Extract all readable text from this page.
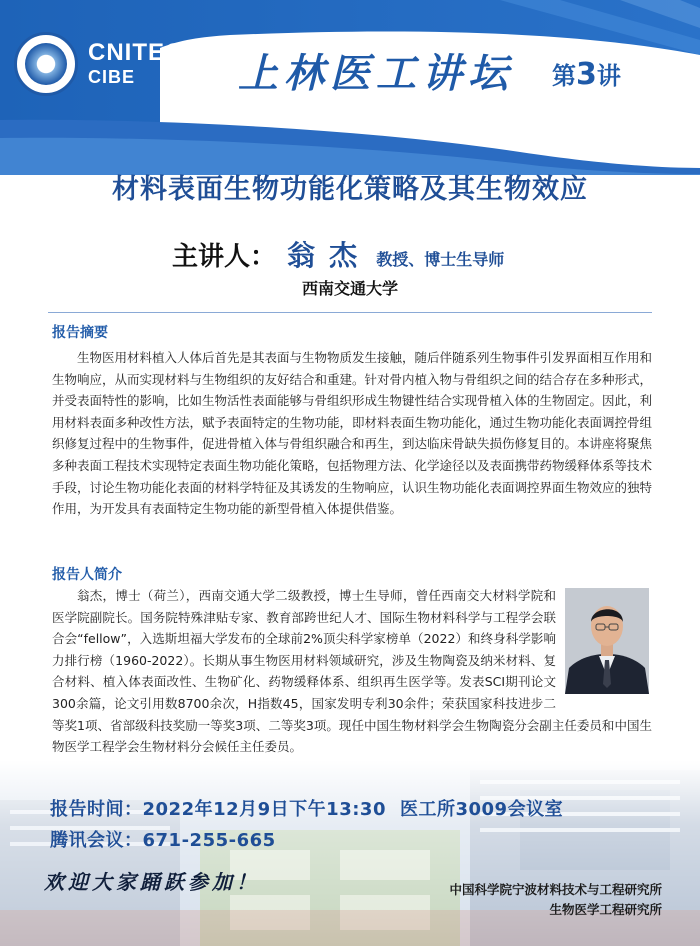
CNITECH
CIBE	上林医工讲坛 第3讲
材料表面生物功能化策略及其生物效应
主讲人： 翁杰 教授、博士生导师
西南交通大学
报告摘要

生物医用材料植入人体后首先是其表面与生物物质发生接触，随后伴随系列生物事件引发界面相互作用和生物响应，从而实现材料与生物组织的友好结合和重建。针对骨内植入物与骨组织之间的结合存在多种形式，并受表面特性的影响，比如生物活性表面能够与骨组织形成生物键性结合实现骨植入体的生物固定。因此，利用材料表面多种改性方法，赋予表面特定的生物功能，即材料表面生物功能化，通过生物功能化表面调控骨组织修复过程中的生物事件，促进骨植入体与骨组织融合和再生，到达临床骨缺失损伤修复目的。本讲座将聚焦多种表面工程技术实现特定表面生物功能化策略，包括物理方法、化学途径以及表面携带药物缓释体系等技术手段，讨论生物功能化表面的材料学特征及其诱发的生物响应，认识生物功能化表面调控界面生物效应的独特作用，为开发具有表面特定生物功能的新型骨植入体提供借鉴。

报告人简介

翁杰，博士（荷兰），西南交通大学二级教授，博士生导师，曾任西南交大材料学院和医学院副院长。国务院特殊津贴专家、教育部跨世纪人才、国际生物材料科学与工程学会联合会“fellow”，入选斯坦福大学发布的全球前2%顶尖科学家榜单（2022）和终身科学影响力排行榜（1960-2022）。长期从事生物医用材料领域研究，涉及生物陶瓷及纳米材料、复合材料、植入体表面改性、生物矿化、药物缓释体系、组织再生医学等。发表SCI期刊论文300余篇，论文引用数8700余次，H指数45，国家发明专利30余件；荣获国家科技进步二等奖1项、省部级科技奖励一等奖3项、二等奖3项。现任中国生物材料学会生物陶瓷分会副主任委员和中国生物医学工程学会生物材料分会候任主任委员。

报告时间：2022年12月9日下午13:30 医工所3009会议室
腾讯会议：671-255-665
欢迎大家踊跃参加！	中国科学院宁波材料技术与工程研究所
生物医学工程研究所
